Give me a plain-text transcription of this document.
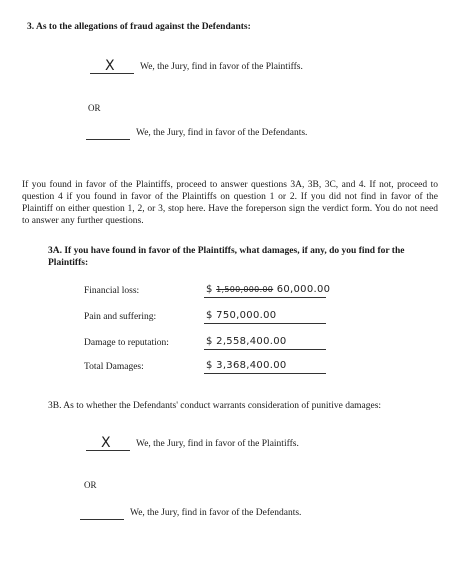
3. As to the allegations of fraud against the Defendants:
X	We, the Jury, find in favor of the Plaintiffs.
OR
We, the Jury, find in favor of the Defendants.
If you found in favor of the Plaintiffs, proceed to answer questions 3A, 3B, 3C, and 4. If not, proceed to question 4 if you found in favor of the Plaintiffs on question 1 or 2. If you did not find in favor of the Plaintiff on either question 1, 2, or 3, stop here. Have the foreperson sign the verdict form. You do not need to answer any further questions.
3A. If you have found in favor of the Plaintiffs, what damages, if any, do you find for the Plaintiffs:
Financial loss:	$ 1,500,000.00 60,000.00
Pain and suffering:	$ 750,000.00
Damage to reputation:	$ 2,558,400.00
Total Damages:	$ 3,368,400.00
3B. As to whether the Defendants' conduct warrants consideration of punitive damages:
X	We, the Jury, find in favor of the Plaintiffs.
OR
We, the Jury, find in favor of the Defendants.
